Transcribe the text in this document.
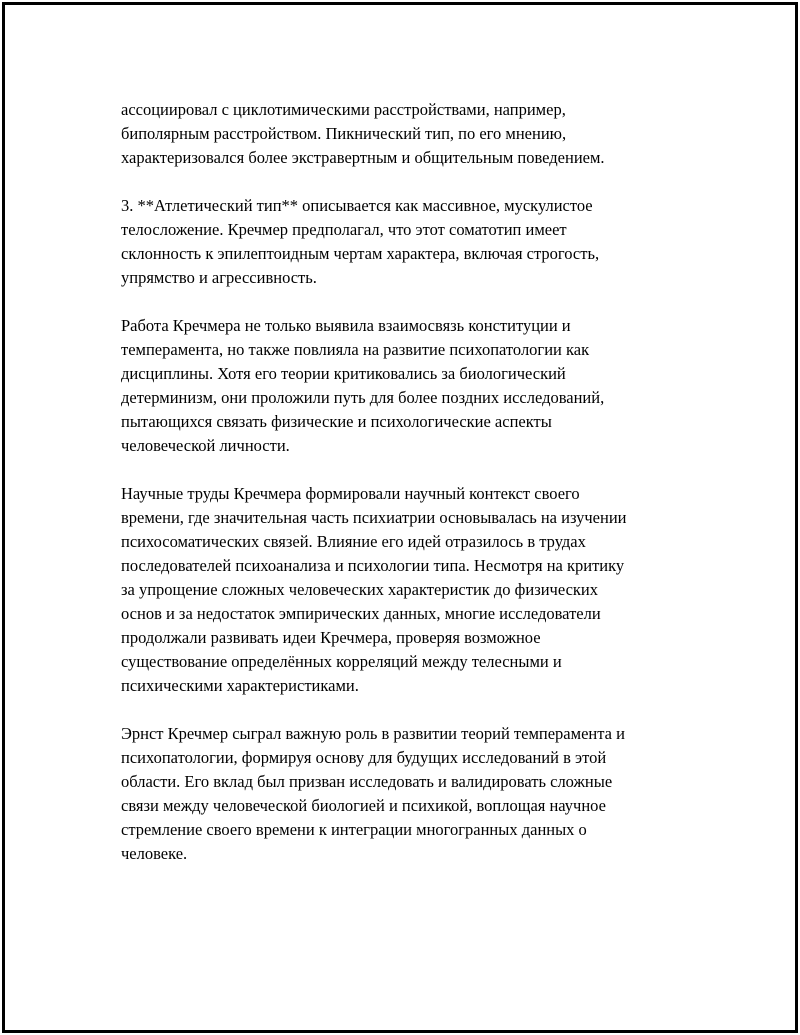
ассоциировал с циклотимическими расстройствами, например,
биполярным расстройством. Пикнический тип, по его мнению,
характеризовался более экстравертным и общительным поведением.
3. **Атлетический тип** описывается как массивное, мускулистое
телосложение. Кречмер предполагал, что этот соматотип имеет
склонность к эпилептоидным чертам характера, включая строгость,
упрямство и агрессивность.
Работа Кречмера не только выявила взаимосвязь конституции и
темперамента, но также повлияла на развитие психопатологии как
дисциплины. Хотя его теории критиковались за биологический
детерминизм, они проложили путь для более поздних исследований,
пытающихся связать физические и психологические аспекты
человеческой личности.
Научные труды Кречмера формировали научный контекст своего
времени, где значительная часть психиатрии основывалась на изучении
психосоматических связей. Влияние его идей отразилось в трудах
последователей психоанализа и психологии типа. Несмотря на критику
за упрощение сложных человеческих характеристик до физических
основ и за недостаток эмпирических данных, многие исследователи
продолжали развивать идеи Кречмера, проверяя возможное
существование определённых корреляций между телесными и
психическими характеристиками.
Эрнст Кречмер сыграл важную роль в развитии теорий темперамента и
психопатологии, формируя основу для будущих исследований в этой
области. Его вклад был призван исследовать и валидировать сложные
связи между человеческой биологией и психикой, воплощая научное
стремление своего времени к интеграции многогранных данных о
человеке.
